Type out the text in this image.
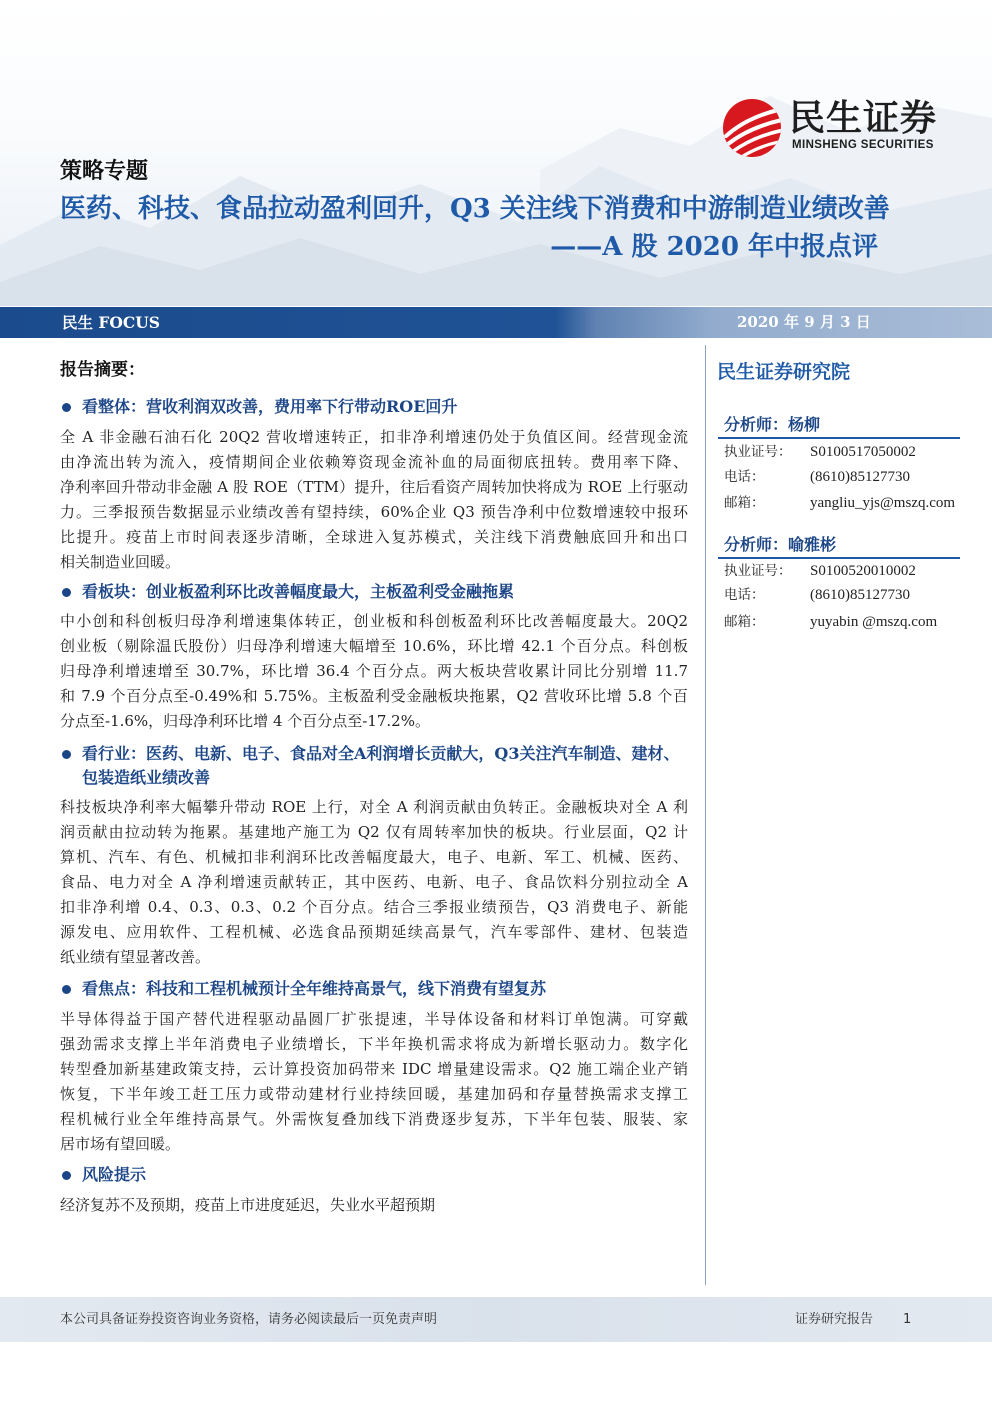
民生证券
MINSHENG SECURITIES
策略专题
医药、科技、食品拉动盈利回升，Q3 关注线下消费和中游制造业绩改善
——A 股 2020 年中报点评
民生 FOCUS	2020 年 9 月 3 日
报告摘要：
看整体：营收利润双改善，费用率下行带动ROE回升
全 A 非金融石油石化 20Q2 营收增速转正，扣非净利增速仍处于负值区间。经营现金流
由净流出转为流入，疫情期间企业依赖筹资现金流补血的局面彻底扭转。费用率下降、
净利率回升带动非金融 A 股 ROE（TTM）提升，往后看资产周转加快将成为 ROE 上行驱动
力。三季报预告数据显示业绩改善有望持续，60%企业 Q3 预告净利中位数增速较中报环
比提升。疫苗上市时间表逐步清晰，全球进入复苏模式，关注线下消费触底回升和出口
相关制造业回暖。
看板块：创业板盈利环比改善幅度最大，主板盈利受金融拖累
中小创和科创板归母净利增速集体转正，创业板和科创板盈利环比改善幅度最大。20Q2
创业板（剔除温氏股份）归母净利增速大幅增至 10.6%，环比增 42.1 个百分点。科创板
归母净利增速增至 30.7%，环比增 36.4 个百分点。两大板块营收累计同比分别增 11.7
和 7.9 个百分点至-0.49%和 5.75%。主板盈利受金融板块拖累，Q2 营收环比增 5.8 个百
分点至-1.6%，归母净利环比增 4 个百分点至-17.2%。
看行业：医药、电新、电子、食品对全A利润增长贡献大，Q3关注汽车制造、建材、
包装造纸业绩改善
科技板块净利率大幅攀升带动 ROE 上行，对全 A 利润贡献由负转正。金融板块对全 A 利
润贡献由拉动转为拖累。基建地产施工为 Q2 仅有周转率加快的板块。行业层面，Q2 计
算机、汽车、有色、机械扣非利润环比改善幅度最大，电子、电新、军工、机械、医药、
食品、电力对全 A 净利增速贡献转正，其中医药、电新、电子、食品饮料分别拉动全 A
扣非净利增 0.4、0.3、0.3、0.2 个百分点。结合三季报业绩预告，Q3 消费电子、新能
源发电、应用软件、工程机械、必选食品预期延续高景气，汽车零部件、建材、包装造
纸业绩有望显著改善。
看焦点：科技和工程机械预计全年维持高景气，线下消费有望复苏
半导体得益于国产替代进程驱动晶圆厂扩张提速，半导体设备和材料订单饱满。可穿戴
强劲需求支撑上半年消费电子业绩增长，下半年换机需求将成为新增长驱动力。数字化
转型叠加新基建政策支持，云计算投资加码带来 IDC 增量建设需求。Q2 施工端企业产销
恢复，下半年竣工赶工压力或带动建材行业持续回暖，基建加码和存量替换需求支撑工
程机械行业全年维持高景气。外需恢复叠加线下消费逐步复苏，下半年包装、服装、家
居市场有望回暖。
风险提示
经济复苏不及预期，疫苗上市进度延迟，失业水平超预期
民生证券研究院
分析师：杨柳
执业证号： S0100517050002
电话：	(8610)85127730
邮箱：	yangliu_yjs@mszq.com
分析师：喻雅彬
执业证号： S0100520010002
电话：	(8610)85127730
邮箱：	yuyabin @mszq.com
本公司具备证券投资咨询业务资格，请务必阅读最后一页免责声明	证券研究报告 1
